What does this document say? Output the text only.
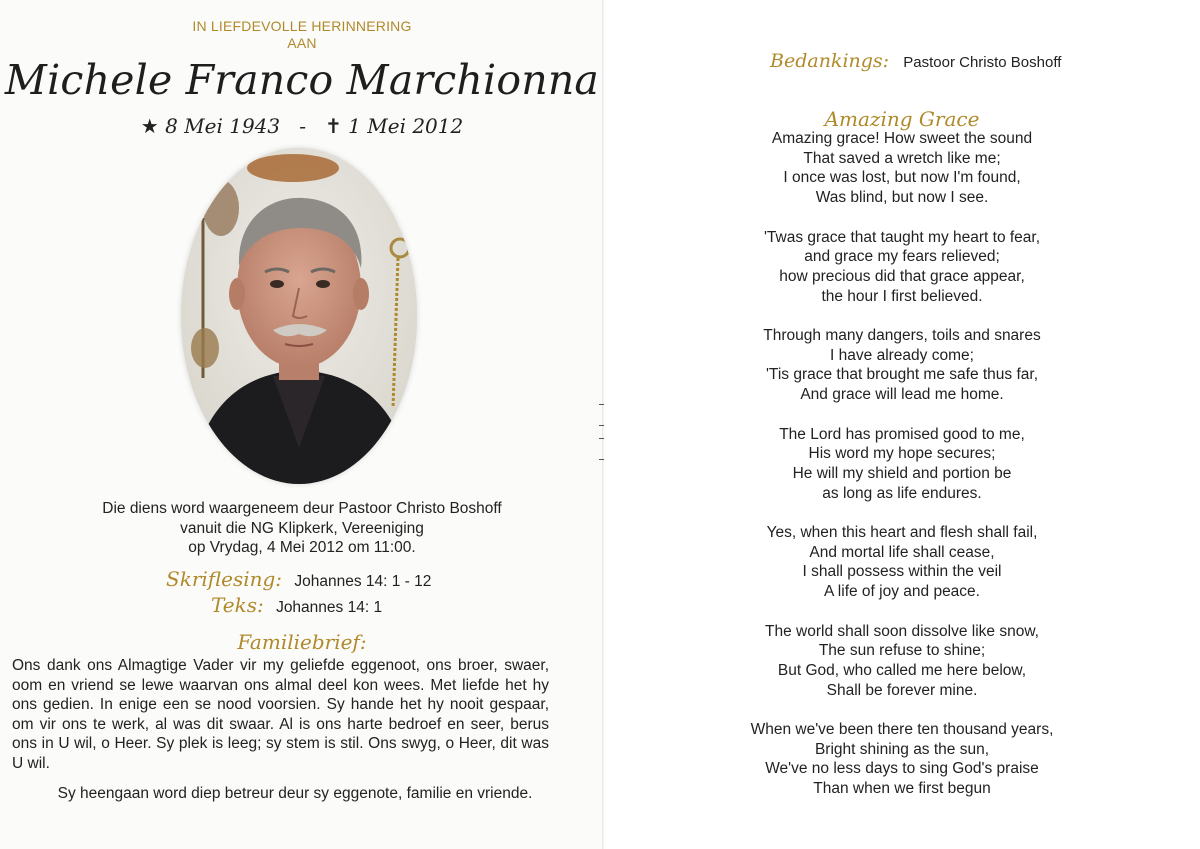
IN LIEFDEVOLLE HERINNERING
AAN
Michele Franco Marchionna
★ 8 Mei 1943 - ✝ 1 Mei 2012
Die diens word waargeneem deur Pastoor Christo Boshoff
vanuit die NG Klipkerk, Vereeniging
op Vrydag, 4 Mei 2012 om 11:00.
Skriflesing: Johannes 14: 1 - 12
Teks: Johannes 14: 1
Familiebrief:
Ons dank ons Almagtige Vader vir my geliefde eggenoot, ons broer, swaer, oom en vriend se lewe waarvan ons almal deel kon wees. Met liefde het hy ons gedien. In enige een se nood voorsien. Sy hande het hy nooit gespaar, om vir ons te werk, al was dit swaar. Al is ons harte bedroef en seer, berus ons in U wil, o Heer. Sy plek is leeg; sy stem is stil. Ons swyg, o Heer, dit was U wil.
Sy heengaan word diep betreur deur sy eggenote, familie en vriende.
Bedankings: Pastoor Christo Boshoff
Amazing Grace
Amazing grace! How sweet the sound
That saved a wretch like me;
I once was lost, but now I'm found,
Was blind, but now I see.
'Twas grace that taught my heart to fear,
and grace my fears relieved;
how precious did that grace appear,
the hour I first believed.
Through many dangers, toils and snares
I have already come;
'Tis grace that brought me safe thus far,
And grace will lead me home.
The Lord has promised good to me,
His word my hope secures;
He will my shield and portion be
as long as life endures.
Yes, when this heart and flesh shall fail,
And mortal life shall cease,
I shall possess within the veil
A life of joy and peace.
The world shall soon dissolve like snow,
The sun refuse to shine;
But God, who called me here below,
Shall be forever mine.
When we've been there ten thousand years,
Bright shining as the sun,
We've no less days to sing God's praise
Than when we first begun
